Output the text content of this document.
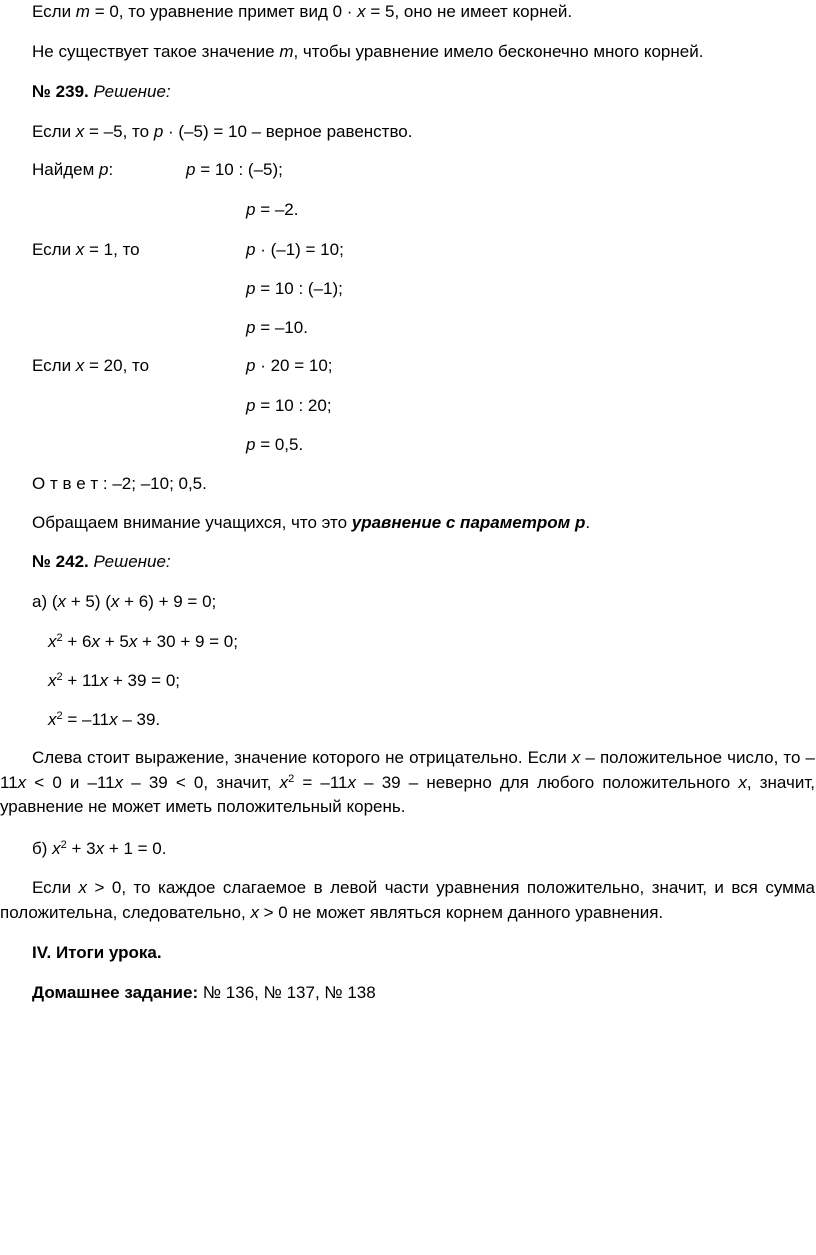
Если m = 0, то уравнение примет вид 0 · x = 5, оно не имеет корней.
Не существует такое значение m, чтобы уравнение имело бесконечно много корней.
№ 239. Решение:
Если x = –5, то p · (–5) = 10 – верное равенство.
Найдем p:	p = 10 : (–5);
p = –2.
Если x = 1, то	p · (–1) = 10;
p = 10 : (–1);
p = –10.
Если x = 20, то	p · 20 = 10;
p = 10 : 20;
p = 0,5.
О т в е т : –2; –10; 0,5.
Обращаем внимание учащихся, что это уравнение с параметром p.
№ 242. Решение:
а) (x + 5) (x + 6) + 9 = 0;
$x^2 + 6x + 5x + 30 + 9 = 0$;
$x^2 + 11x + 39 = 0$;
$x^2 = -11x - 39$.
Слева стоит выражение, значение которого не отрицательно. Если x – положительное число, то –11x < 0 и –11x – 39 < 0, значит, $x^2 = -11x - 39$ – неверно для любого положительного x, значит, уравнение не может иметь положительный корень.
б) $x^2 + 3x + 1 = 0$.
Если x > 0, то каждое слагаемое в левой части уравнения положительно, значит, и вся сумма положительна, следовательно, x > 0 не может являться корнем данного уравнения.
IV. Итоги урока.
Домашнее задание: № 136, № 137, № 138
